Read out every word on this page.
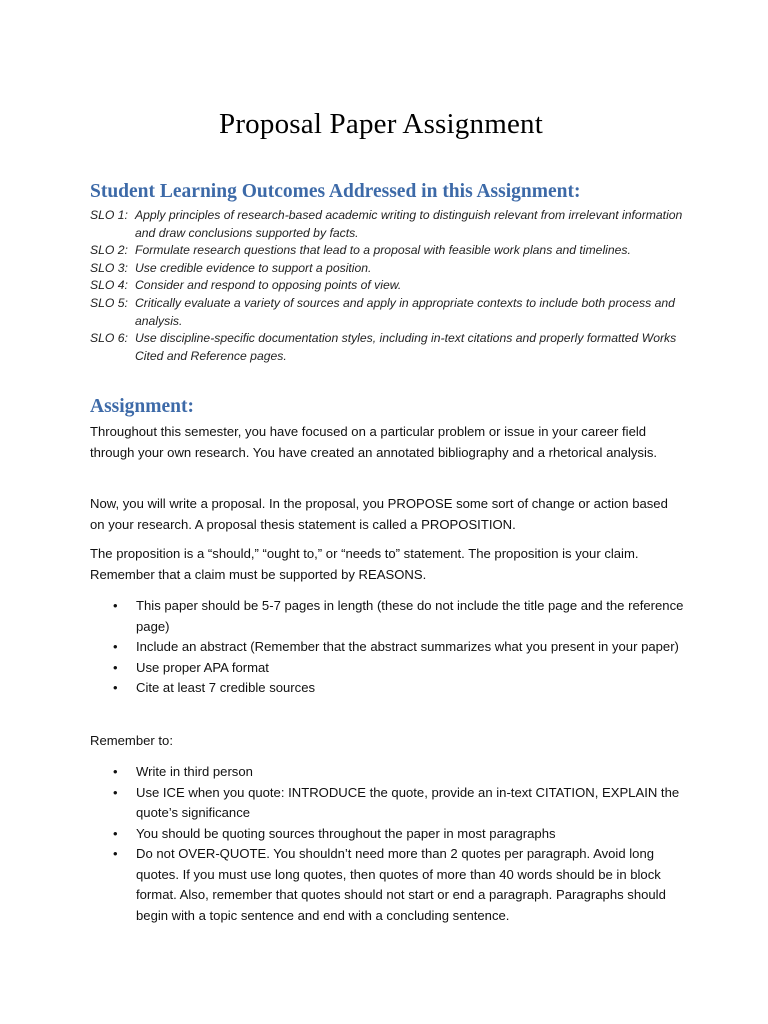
Proposal Paper Assignment
Student Learning Outcomes Addressed in this Assignment:
SLO 1: Apply principles of research-based academic writing to distinguish relevant from irrelevant information and draw conclusions supported by facts.
SLO 2: Formulate research questions that lead to a proposal with feasible work plans and timelines.
SLO 3: Use credible evidence to support a position.
SLO 4: Consider and respond to opposing points of view.
SLO 5: Critically evaluate a variety of sources and apply in appropriate contexts to include both process and analysis.
SLO 6: Use discipline-specific documentation styles, including in-text citations and properly formatted Works Cited and Reference pages.
Assignment:

Throughout this semester, you have focused on a particular problem or issue in your career field through your own research. You have created an annotated bibliography and a rhetorical analysis.

Now, you will write a proposal. In the proposal, you PROPOSE some sort of change or action based on your research. A proposal thesis statement is called a PROPOSITION.

The proposition is a “should,” “ought to,” or “needs to” statement. The proposition is your claim. Remember that a claim must be supported by REASONS.

• This paper should be 5-7 pages in length (these do not include the title page and the reference page)
• Include an abstract (Remember that the abstract summarizes what you present in your paper)
• Use proper APA format
• Cite at least 7 credible sources

Remember to:

• Write in third person
• Use ICE when you quote: INTRODUCE the quote, provide an in-text CITATION, EXPLAIN the quote’s significance
• You should be quoting sources throughout the paper in most paragraphs
• Do not OVER-QUOTE. You shouldn’t need more than 2 quotes per paragraph. Avoid long quotes. If you must use long quotes, then quotes of more than 40 words should be in block format. Also, remember that quotes should not start or end a paragraph. Paragraphs should begin with a topic sentence and end with a concluding sentence.
